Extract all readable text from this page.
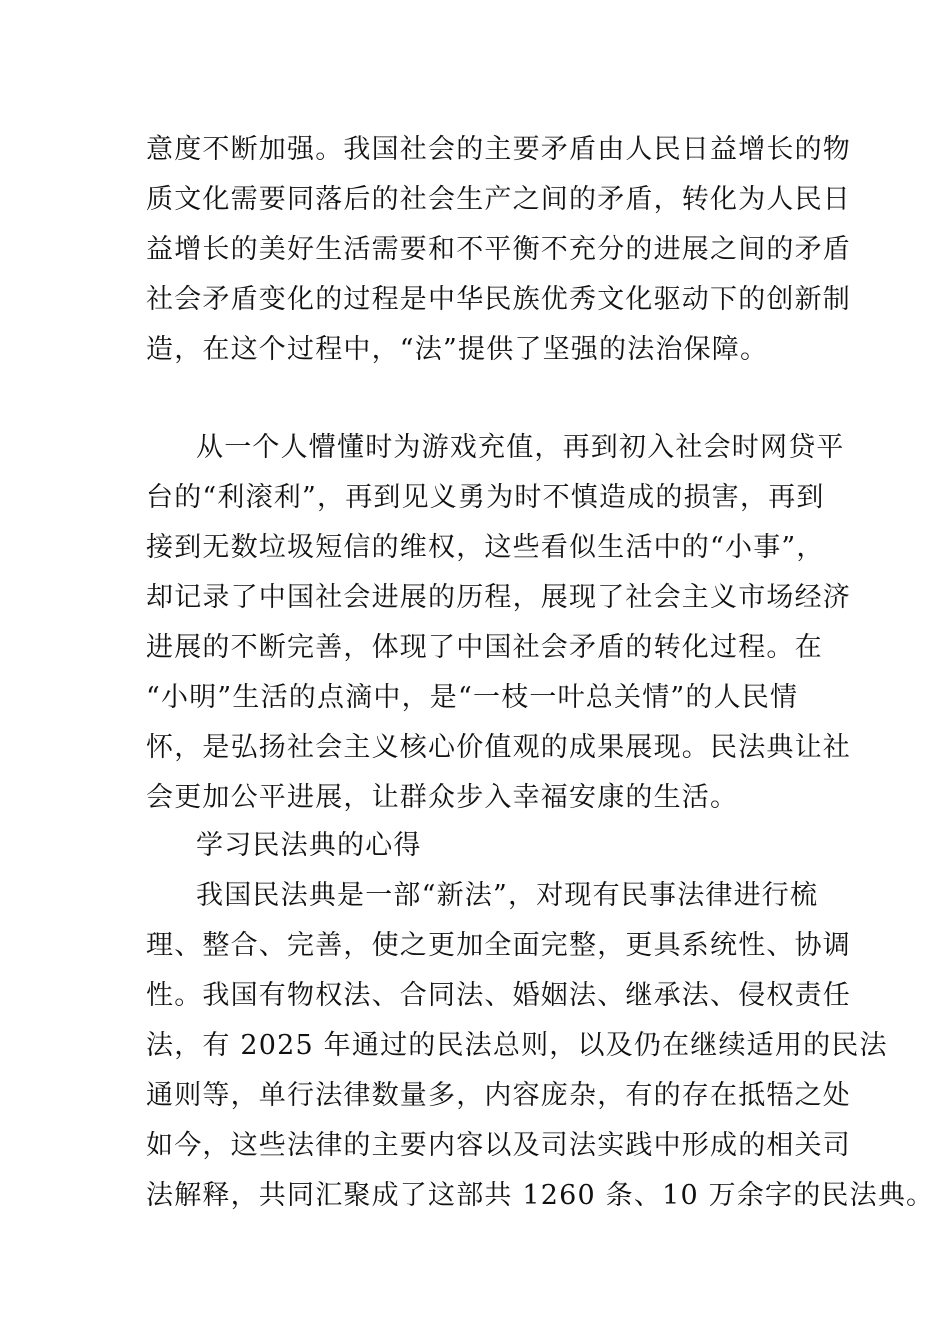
意度不断加强。我国社会的主要矛盾由人民日益增长的物
质文化需要同落后的社会生产之间的矛盾，转化为人民日
益增长的美好生活需要和不平衡不充分的进展之间的矛盾
社会矛盾变化的过程是中华民族优秀文化驱动下的创新制
造，在这个过程中，“法”提供了坚强的法治保障。
从一个人懵懂时为游戏充值，再到初入社会时网贷平
台的“利滚利”，再到见义勇为时不慎造成的损害，再到
接到无数垃圾短信的维权，这些看似生活中的“小事”，
却记录了中国社会进展的历程，展现了社会主义市场经济
进展的不断完善，体现了中国社会矛盾的转化过程。在
“小明”生活的点滴中，是“一枝一叶总关情”的人民情
怀，是弘扬社会主义核心价值观的成果展现。民法典让社
会更加公平进展，让群众步入幸福安康的生活。
学习民法典的心得
我国民法典是一部“新法”，对现有民事法律进行梳
理、整合、完善，使之更加全面完整，更具系统性、协调
性。我国有物权法、合同法、婚姻法、继承法、侵权责任
法，有 2025 年通过的民法总则，以及仍在继续适用的民法
通则等，单行法律数量多，内容庞杂，有的存在抵牾之处
如今，这些法律的主要内容以及司法实践中形成的相关司
法解释，共同汇聚成了这部共 1260 条、10 万余字的民法典。
